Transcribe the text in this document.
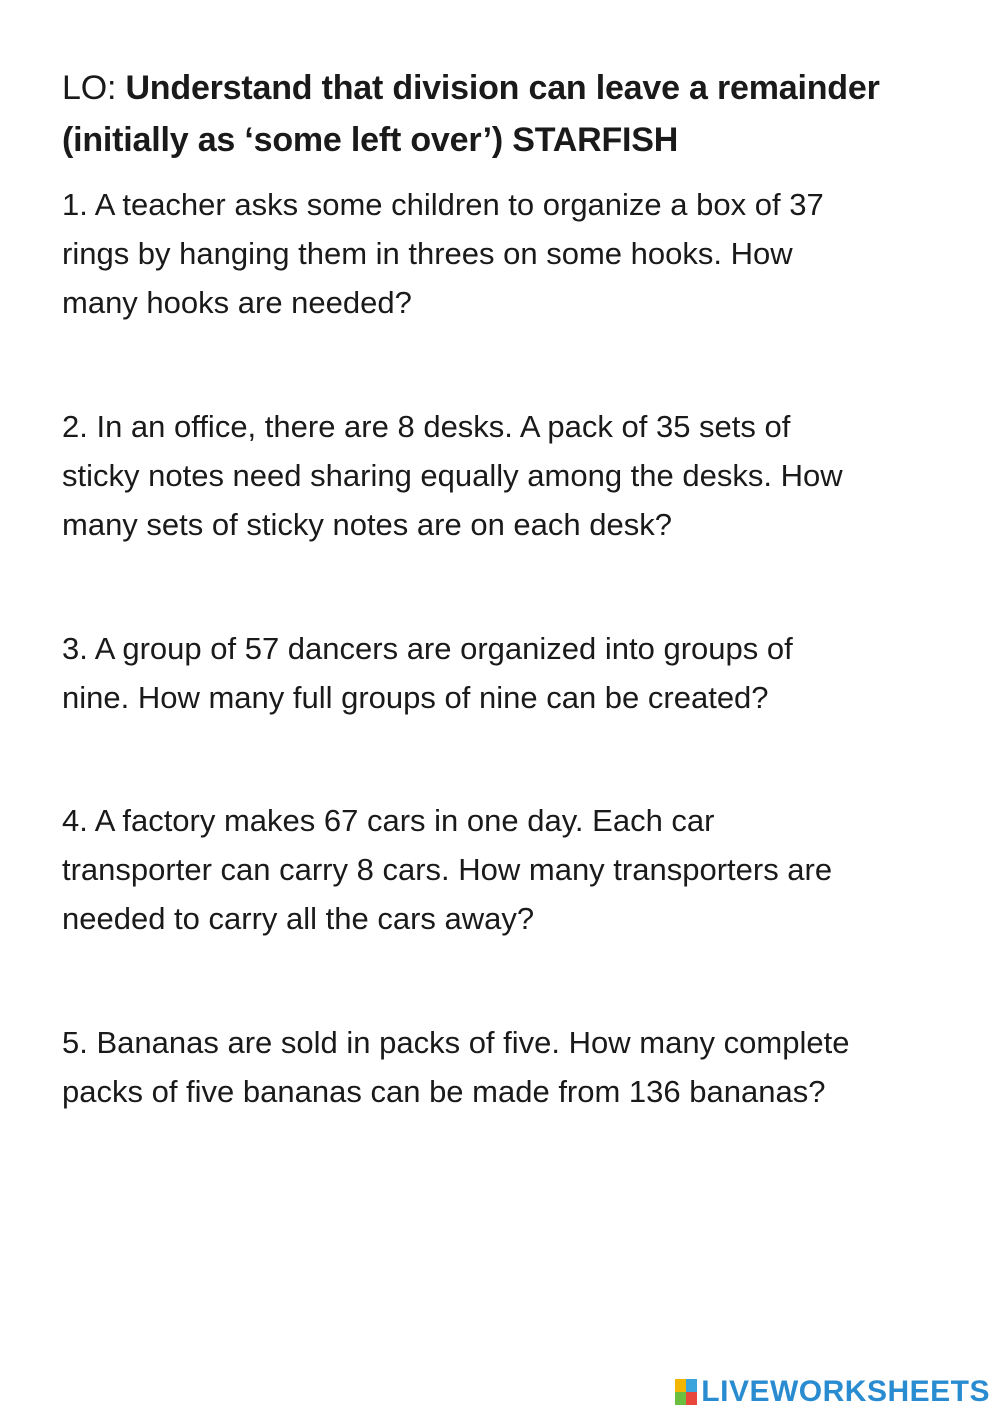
LO: Understand that division can leave a remainder
(initially as ‘some left over’) STARFISH
1. A teacher asks some children to organize a box of 37
rings by hanging them in threes on some hooks. How
many hooks are needed?
2. In an office, there are 8 desks. A pack of 35 sets of
sticky notes need sharing equally among the desks. How
many sets of sticky notes are on each desk?
3. A group of 57 dancers are organized into groups of
nine. How many full groups of nine can be created?
4. A factory makes 67 cars in one day. Each car
transporter can carry 8 cars. How many transporters are
needed to carry all the cars away?
5. Bananas are sold in packs of five. How many complete
packs of five bananas can be made from 136 bananas?
LIVEWORKSHEETS
